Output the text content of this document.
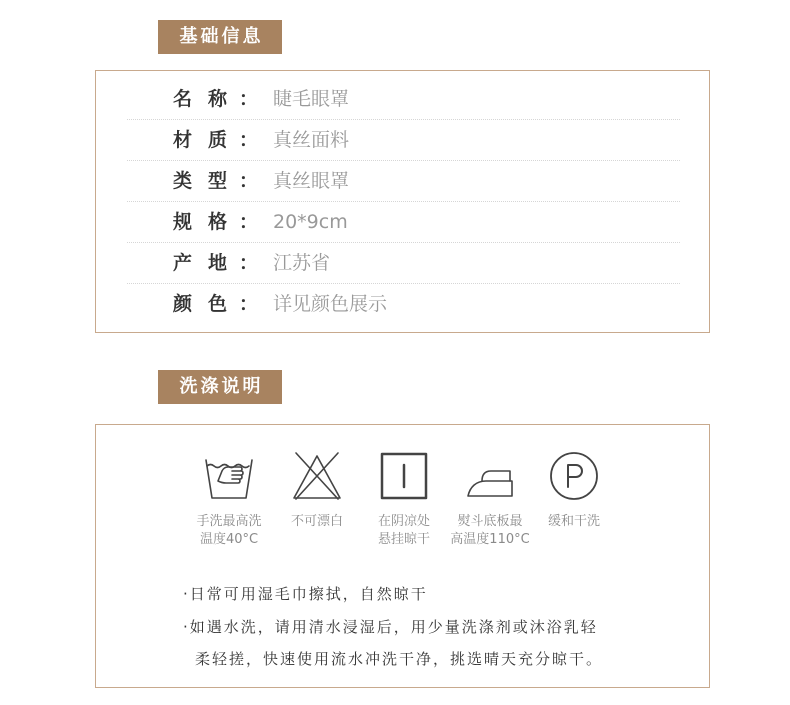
基础信息
名称
： 睫毛眼罩
材质
： 真丝面料
类型
： 真丝眼罩
规格
： 20*9cm
产地
： 江苏省
颜色
： 详见颜色展示
洗涤说明
手洗最高洗
温度40°C
不可漂白	在阴凉处
悬挂晾干
熨斗底板最
高温度110°C
缓和干洗
·日常可用湿毛巾擦拭，自然晾干
·如遇水洗，请用清水浸湿后，用少量洗涤剂或沐浴乳轻
柔轻搓，快速使用流水冲洗干净，挑选晴天充分晾干。
